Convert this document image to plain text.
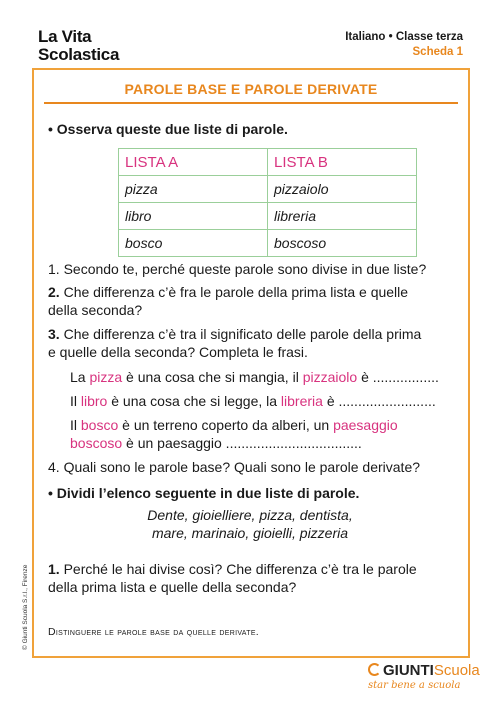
La Vita
Scolastica
Italiano • Classe terza
Scheda 1
PAROLE BASE E PAROLE DERIVATE
• Osserva queste due liste di parole.
LISTA A	LISTA B
pizza	pizzaiolo
libro	libreria
bosco	boscoso
1. Secondo te, perché queste parole sono divise in due liste?
2. Che differenza c’è fra le parole della prima lista e quelle
della seconda?
3. Che differenza c’è tra il significato delle parole della prima
e quelle della seconda? Completa le frasi.
La pizza è una cosa che si mangia, il pizzaiolo è .................
Il libro è una cosa che si legge, la libreria è .........................
Il bosco è un terreno coperto da alberi, un paesaggio
boscoso è un paesaggio ...................................
4. Quali sono le parole base? Quali sono le parole derivate?
• Dividi l’elenco seguente in due liste di parole.
Dente, gioielliere, pizza, dentista,
mare, marinaio, gioielli, pizzeria
1. Perché le hai divise così? Che differenza c’è tra le parole
della prima lista e quelle della seconda?
Distinguere le parole base da quelle derivate.
© Giunti Scuola S.r.l., Firenze
GIUNTIScuola
star bene a scuola
